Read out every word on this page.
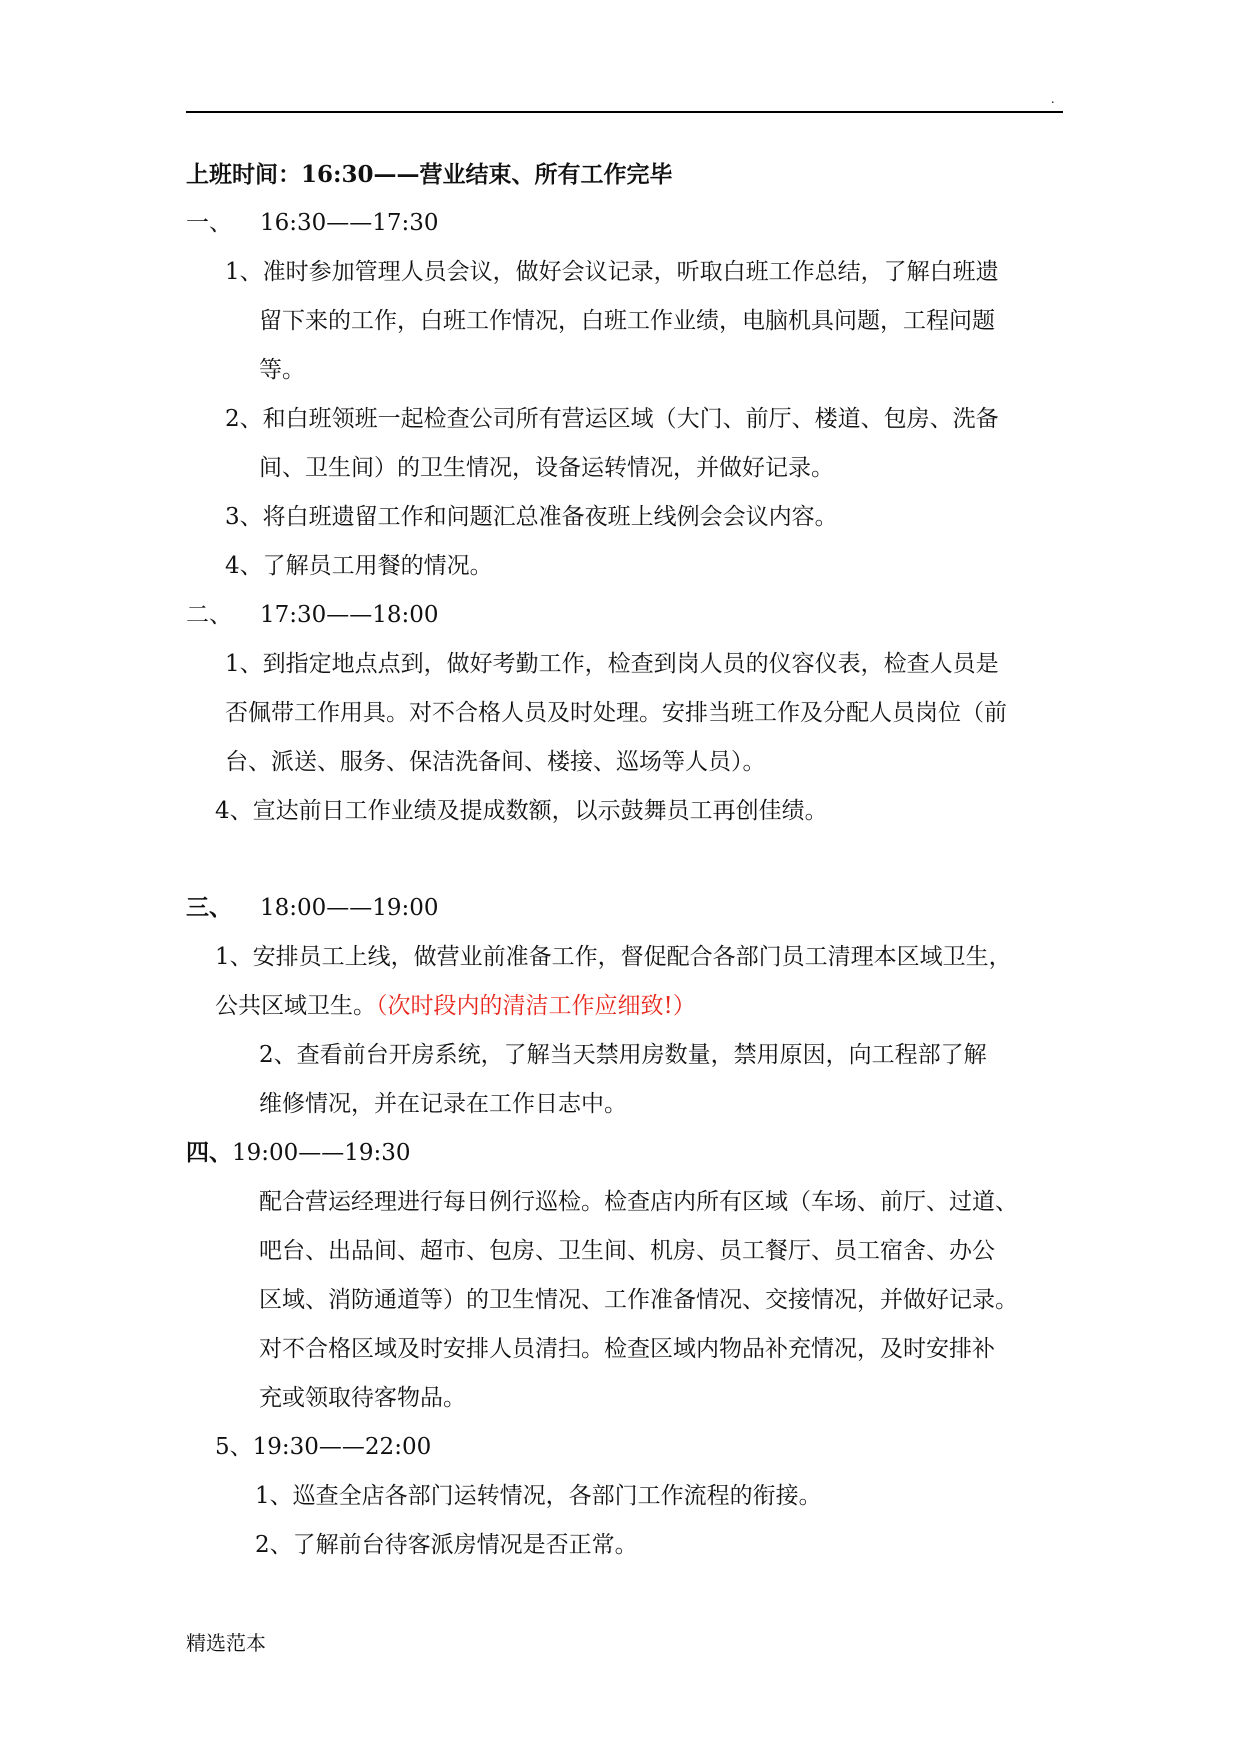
.
上班时间：16:30——营业结束、所有工作完毕
一、 16:30——17:30
1、准时参加管理人员会议，做好会议记录，听取白班工作总结，了解白班遗
留下来的工作，白班工作情况，白班工作业绩，电脑机具问题，工程问题
等。
2、和白班领班一起检查公司所有营运区域（大门、前厅、楼道、包房、洗备
间、卫生间）的卫生情况，设备运转情况，并做好记录。
3、将白班遗留工作和问题汇总准备夜班上线例会会议内容。
4、了解员工用餐的情况。
二、 17:30——18:00
1、到指定地点点到，做好考勤工作，检查到岗人员的仪容仪表，检查人员是
否佩带工作用具。对不合格人员及时处理。安排当班工作及分配人员岗位（前
台、派送、服务、保洁洗备间、楼接、巡场等人员）。
4、宣达前日工作业绩及提成数额，以示鼓舞员工再创佳绩。
三、 18:00——19:00
1、安排员工上线，做营业前准备工作，督促配合各部门员工清理本区域卫生，
公共区域卫生。（次时段内的清洁工作应细致!）
2、查看前台开房系统，了解当天禁用房数量，禁用原因，向工程部了解
维修情况，并在记录在工作日志中。
四、19:00——19:30
配合营运经理进行每日例行巡检。检查店内所有区域（车场、前厅、过道、
吧台、出品间、超市、包房、卫生间、机房、员工餐厅、员工宿舍、办公
区域、消防通道等）的卫生情况、工作准备情况、交接情况，并做好记录。
对不合格区域及时安排人员清扫。检查区域内物品补充情况，及时安排补
充或领取待客物品。
5、19:30——22:00
1、巡查全店各部门运转情况，各部门工作流程的衔接。
2、了解前台待客派房情况是否正常。
精选范本
